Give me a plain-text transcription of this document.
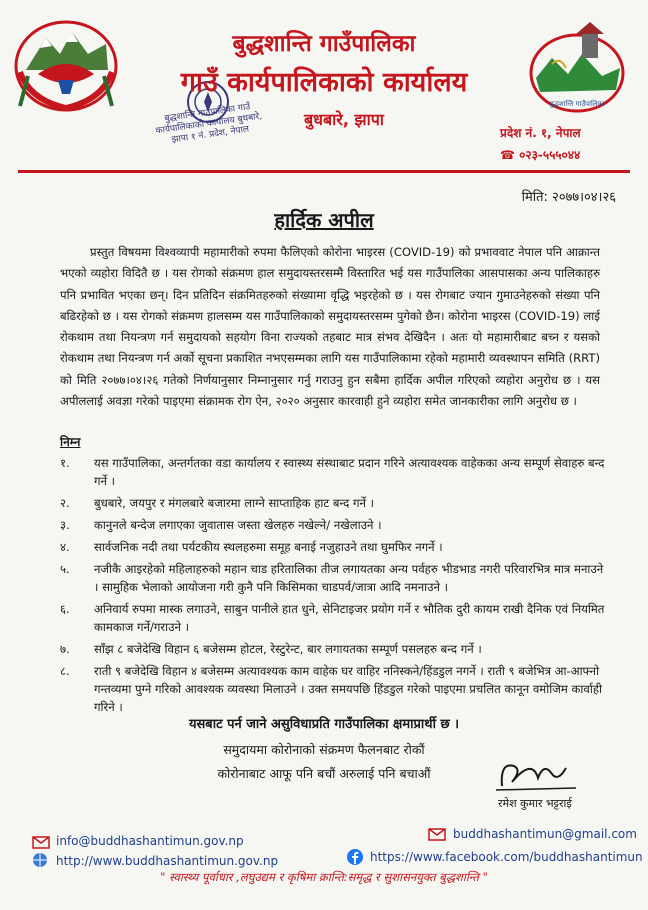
बुद्धशान्ति गाउँपालिका
बुद्धशान्ति गाउँपालिका गाउँ कार्यपालिकाको कार्यालय बुधबारे, झापा १ नं. प्रदेश, नेपाल
बुद्धशान्ति गाउँपालिका
गाउँ कार्यपालिकाको कार्यालय
बुधबारे, झापा
प्रदेश नं. १, नेपाल
☎ ०२३-५५५०४४
मिति: २०७७।०४।२६
हार्दिक अपील
प्रस्तुत विषयमा विश्वव्यापी महामारीको रुपमा फैलिएको कोरोना भाइरस (COVID-19) को प्रभाववाट नेपाल पनि आक्रान्त भएको व्यहोरा विदितै छ । यस रोगको संक्रमण हाल समुदायस्तरसम्मै विस्तारित भई यस गाउँपालिका आसपासका अन्य पालिकाहरु पनि प्रभावित भएका छन्। दिन प्रतिदिन संक्रमितहरुको संख्यामा वृद्धि भइरहेको छ । यस रोगबाट ज्यान गुमाउनेहरुको संख्या पनि बढिरहेको छ । यस रोगको संक्रमण हालसम्म यस गाउँपालिकाको समुदायस्तरसम्म पुगेको छैन। कोरोना भाइरस (COVID-19) लाई रोकथाम तथा नियन्त्रण गर्न समुदायको सहयोग विना राज्यको तहबाट मात्र संभव देखिदैन । अतः यो महामारीबाट बच्न र यसको रोकथाम तथा नियन्त्रण गर्न अर्को सूचना प्रकाशित नभएसम्मका लागि यस गाउँपालिकामा रहेको महामारी व्यवस्थापन समिति (RRT) को मिति २०७७।०४।२६ गतेको निर्णयानुसार निम्नानुसार गर्नु गराउनु हुन सबैमा हार्दिक अपील गरिएको व्यहोरा अनुरोध छ । यस अपीललाई अवज्ञा गरेको पाइएमा संक्रामक रोग ऐन, २०२० अनुसार कारवाही हुने व्यहोरा समेत जानकारीका लागि अनुरोध छ ।
निम्न
१.	यस गाउँपालिका, अन्तर्गतका वडा कार्यालय र स्वास्थ्य संस्थाबाट प्रदान गरिने अत्यावश्यक वाहेकका अन्य सम्पूर्ण सेवाहरु बन्द गर्ने ।
२.	बुधबारे, जयपुर र मंगलबारे बजारमा लाग्ने साप्ताहिक हाट बन्द गर्ने ।
३.	कानुनले बन्देज लगाएका जुवातास जस्ता खेलहरु नखेल्ने/ नखेलाउने ।
४.	सार्वजनिक नदी तथा पर्यटकीय स्थलहरुमा समूह बनाई नजुहाउने तथा घुमफिर नगर्ने ।
५.	नजीकै आइरहेको महिलाहरुको महान चाड हरितालिका तीज लगायतका अन्य पर्वहरु भीडभाड नगरी परिवारभित्र मात्र मनाउने । सामुहिक भेलाको आयोजना गरी कुनै पनि किसिमका चाडपर्व/जात्रा आदि नमनाउने ।
६.	अनिवार्य रुपमा मास्क लगाउने, साबुन पानीले हात धुने, सेनिटाइजर प्रयोग गर्ने र भौतिक दुरी कायम राखी दैनिक एवं नियमित कामकाज गर्ने/गराउने ।
७.	साँझ ८ बजेदेखि विहान ६ बजेसम्म होटल, रेस्टुरेन्ट, बार लगायतका सम्पूर्ण पसलहरु बन्द गर्ने ।
८.	राती ९ बजेदेखि विहान ४ बजेसम्म अत्यावश्यक काम वाहेक घर वाहिर ननिस्कने/हिंडडुल नगर्ने । राती ९ बजेभित्र आ-आफ्नो गन्तव्यमा पुग्ने गरिको आवश्यक व्यवस्था मिलाउने । उक्त समयपछि हिंडडुल गरेको पाइएमा प्रचलित कानून वमोजिम कार्वाही गरिने ।
यसबाट पर्न जाने असुविधाप्रति गाउँपालिका क्षमाप्रार्थी छ ।
समुदायमा कोरोनाको संक्रमण फैलनबाट रोकौं
कोरोनाबाट आफू पनि बचौं अरुलाई पनि बचाऔं
रमेश कुमार भट्टराई
info@buddhashantimun.gov.np
http://www.buddhashantimun.gov.np
buddhashantimun@gmail.com
https://www.facebook.com/buddhashantimun
" स्वास्थ्य पूर्वाधार ,लघुउद्यम र कृषिमा क्रान्ति:समृद्ध र सुशासनयुक्त बुद्धशान्ति "
